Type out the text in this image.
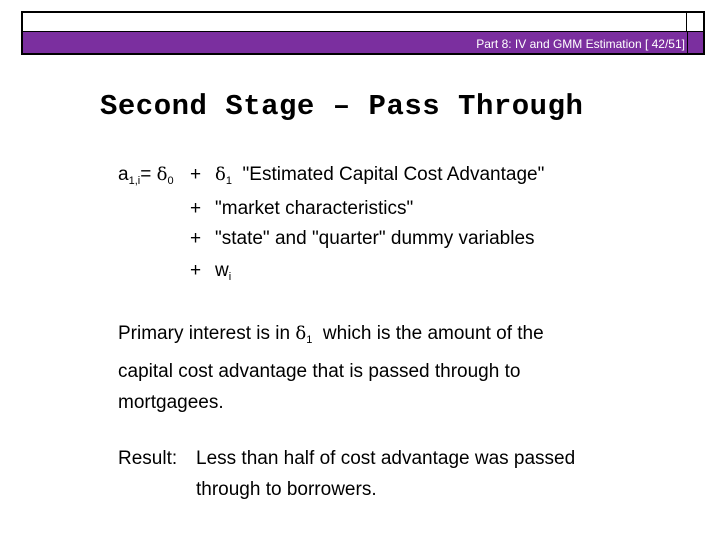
Part 8: IV and GMM Estimation [ 42/51]
Second Stage – Pass Through
$a_{1,i}= \delta_0 + \delta_1$ "Estimated Capital Cost Advantage"
+ "market characteristics"
+ "state" and "quarter" dummy variables
+ $w_i$
Primary interest is in $\delta_1$ which is the amount of the
capital cost advantage that is passed through to
mortgagees.
Result: Less than half of cost advantage was passed
through to borrowers.
